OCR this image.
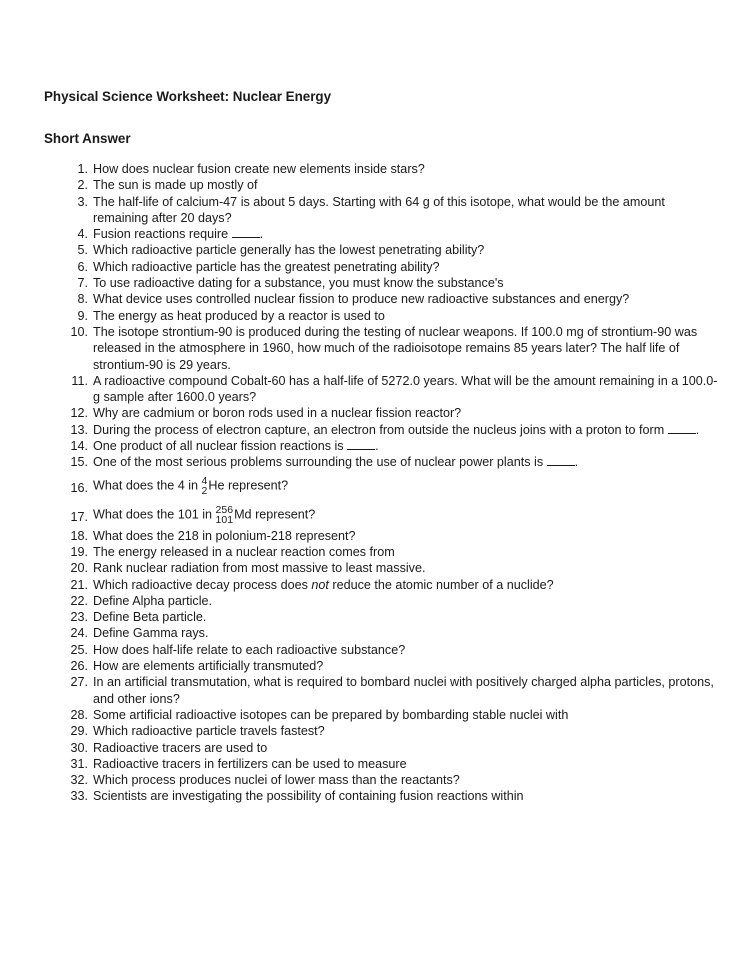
Physical Science Worksheet: Nuclear Energy
Short Answer
1. How does nuclear fusion create new elements inside stars?
2. The sun is made up mostly of
3. The half-life of calcium-47 is about 5 days. Starting with 64 g of this isotope, what would be the amount remaining after 20 days?
4. Fusion reactions require	.
5. Which radioactive particle generally has the lowest penetrating ability?
6. Which radioactive particle has the greatest penetrating ability?
7. To use radioactive dating for a substance, you must know the substance's
8. What device uses controlled nuclear fission to produce new radioactive substances and energy?
9. The energy as heat produced by a reactor is used to
10. The isotope strontium-90 is produced during the testing of nuclear weapons. If 100.0 mg of strontium-90 was released in the atmosphere in 1960, how much of the radioisotope remains 85 years later? The half life of strontium-90 is 29 years.
11. A radioactive compound Cobalt-60 has a half-life of 5272.0 years. What will be the amount remaining in a 100.0-g sample after 1600.0 years?
12. Why are cadmium or boron rods used in a nuclear fission reactor?
13. During the process of electron capture, an electron from outside the nucleus joins with a proton to form	.
14. One product of all nuclear fission reactions is	.
15. One of the most serious problems surrounding the use of nuclear power plants is	.
16. What does the 4 in 4
2 He represent?
17. What does the 101 in 256
101 Md represent?
18. What does the 218 in polonium-218 represent?
19. The energy released in a nuclear reaction comes from
20. Rank nuclear radiation from most massive to least massive.
21. Which radioactive decay process does not reduce the atomic number of a nuclide?
22. Define Alpha particle.
23. Define Beta particle.
24. Define Gamma rays.
25. How does half-life relate to each radioactive substance?
26. How are elements artificially transmuted?
27. In an artificial transmutation, what is required to bombard nuclei with positively charged alpha particles, protons, and other ions?
28. Some artificial radioactive isotopes can be prepared by bombarding stable nuclei with
29. Which radioactive particle travels fastest?
30. Radioactive tracers are used to
31. Radioactive tracers in fertilizers can be used to measure
32. Which process produces nuclei of lower mass than the reactants?
33. Scientists are investigating the possibility of containing fusion reactions within
